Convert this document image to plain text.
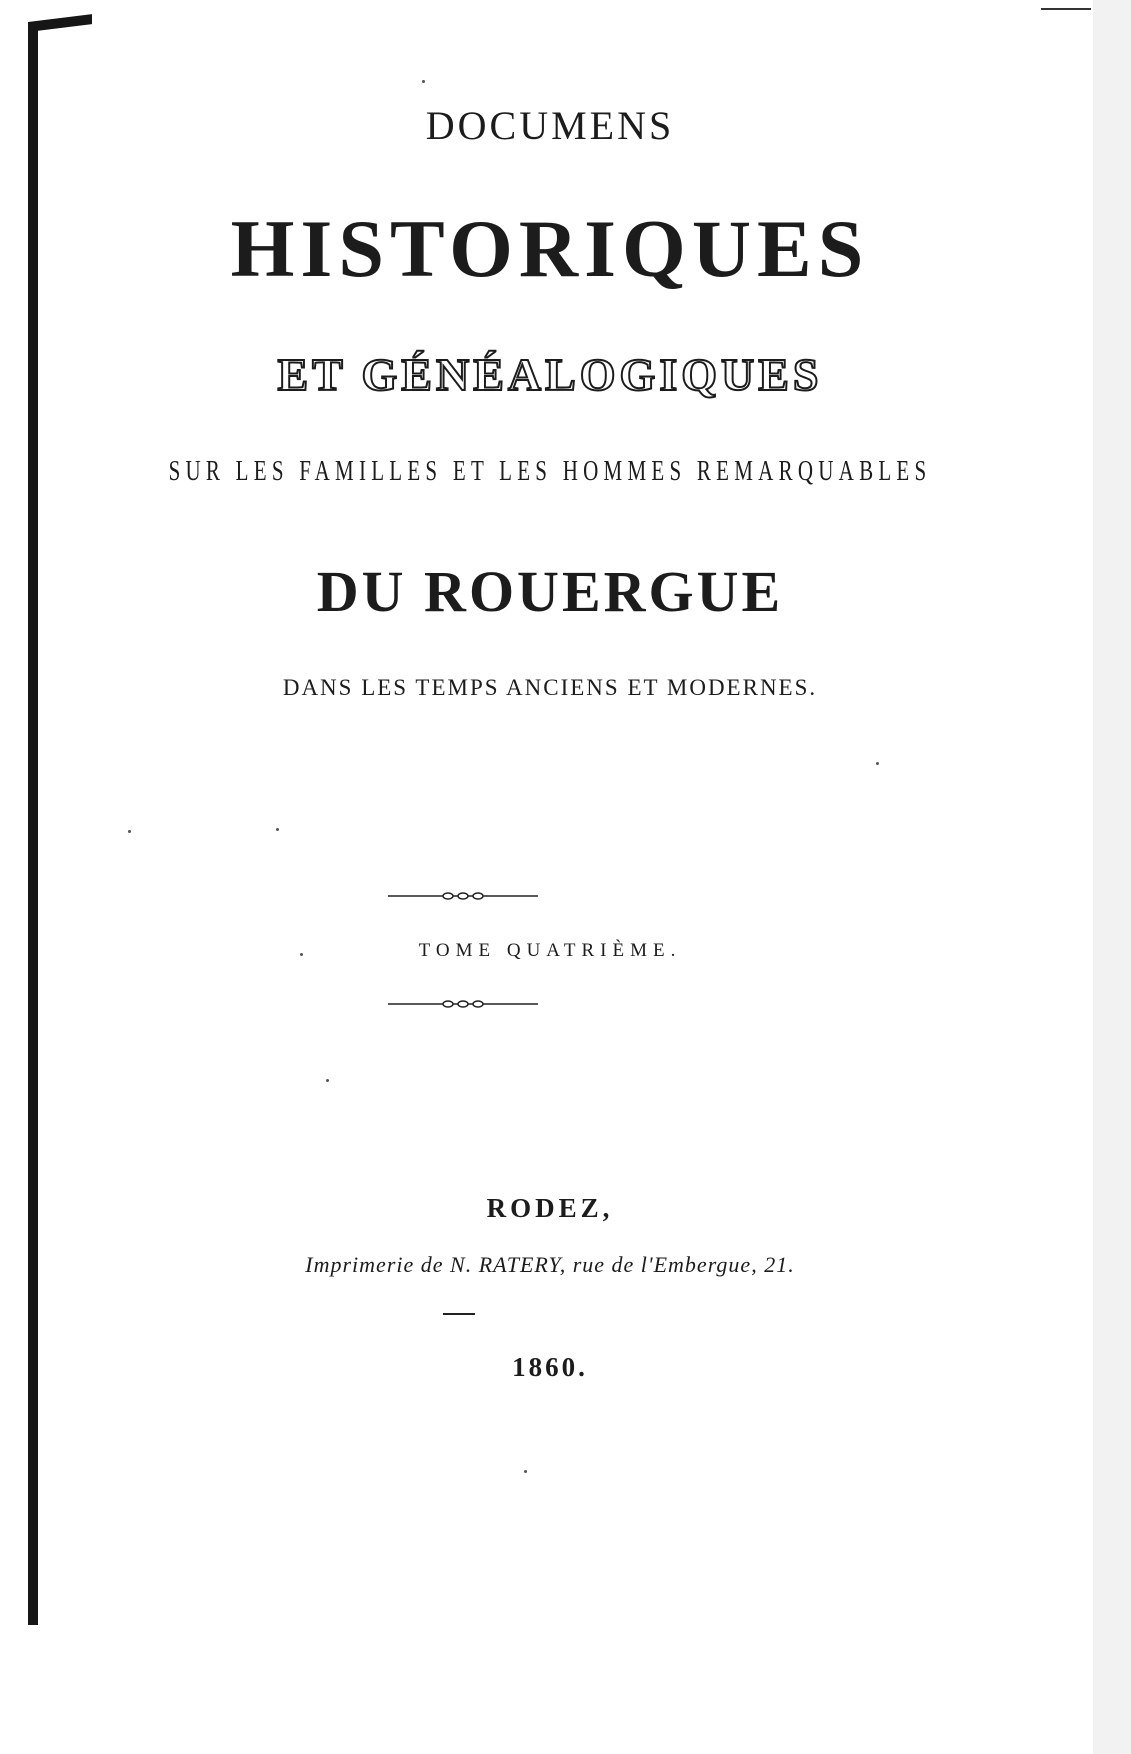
DOCUMENS
HISTORIQUES
ET GÉNÉALOGIQUES
SUR LES FAMILLES ET LES HOMMES REMARQUABLES
DU ROUERGUE
DANS LES TEMPS ANCIENS ET MODERNES.
TOME QUATRIÈME.
RODEZ,
Imprimerie de N. RATERY, rue de l'Embergue, 21.
1860.
